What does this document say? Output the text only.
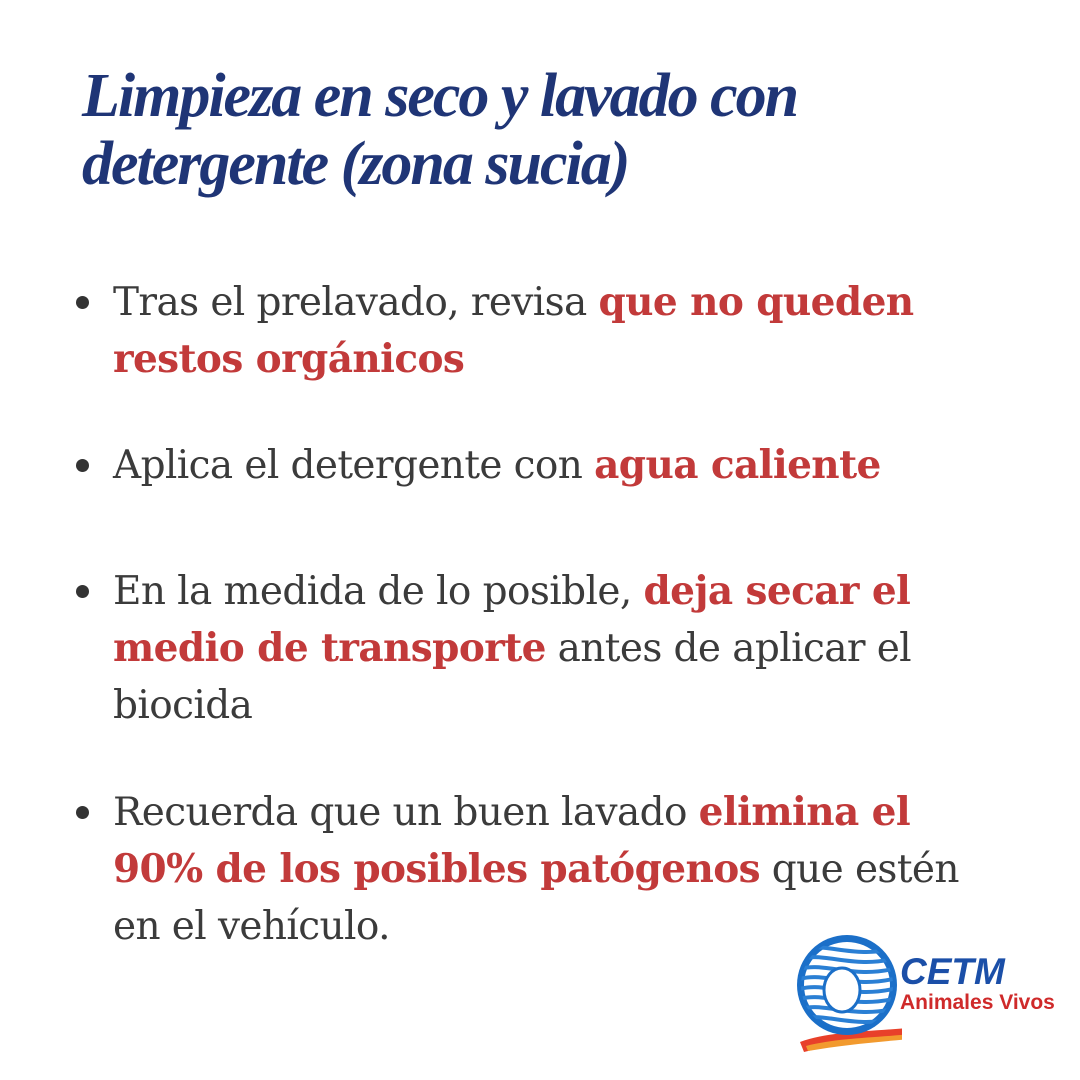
Limpieza en seco y lavado con detergente (zona sucia)
Tras el prelavado, revisa que no queden restos orgánicos
Aplica el detergente con agua caliente
En la medida de lo posible, deja secar el medio de transporte antes de aplicar el biocida
Recuerda que un buen lavado elimina el 90% de los posibles patógenos que estén en el vehículo.
CETM
Animales Vivos
